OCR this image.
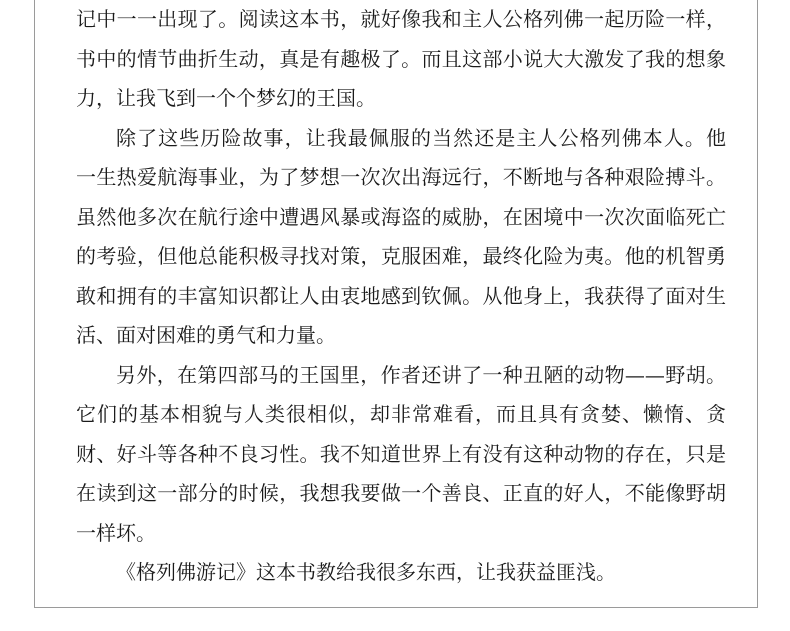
记中一一出现了。阅读这本书，就好像我和主人公格列佛一起历险一样，
书中的情节曲折生动，真是有趣极了。而且这部小说大大激发了我的想象
力，让我飞到一个个梦幻的王国。
除了这些历险故事，让我最佩服的当然还是主人公格列佛本人。他
一生热爱航海事业，为了梦想一次次出海远行，不断地与各种艰险搏斗。
虽然他多次在航行途中遭遇风暴或海盗的威胁，在困境中一次次面临死亡
的考验，但他总能积极寻找对策，克服困难，最终化险为夷。他的机智勇
敢和拥有的丰富知识都让人由衷地感到钦佩。从他身上，我获得了面对生
活、面对困难的勇气和力量。
另外，在第四部马的王国里，作者还讲了一种丑陋的动物——野胡。
它们的基本相貌与人类很相似，却非常难看，而且具有贪婪、懒惰、贪
财、好斗等各种不良习性。我不知道世界上有没有这种动物的存在，只是
在读到这一部分的时候，我想我要做一个善良、正直的好人，不能像野胡
一样坏。
《格列佛游记》这本书教给我很多东西，让我获益匪浅。
